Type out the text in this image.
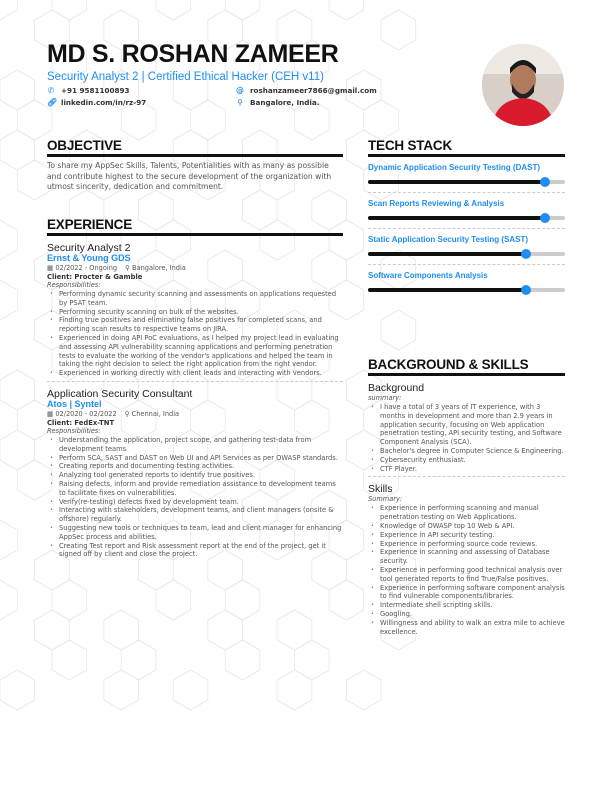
MD S. ROSHAN ZAMEER
Security Analyst 2 | Certified Ethical Hacker (CEH v11)
✆ +91 9581100893
🔗︎ linkedin.com/in/rz-97
@ roshanzameer7866@gmail.com
⚲ Bangalore, India.
OBJECTIVE
To share my AppSec Skills, Talents, Potentialities with as many as possible and contribute highest to the secure development of the organization with utmost sincerity, dedication and commitment.
EXPERIENCE
Security Analyst 2
Ernst & Young GDS
▦ 02/2022 - Ongoing ⚲ Bangalore, India
Client: Procter & Gamble
Responsibilities:
• Performing dynamic security scanning and assessments on applications requested by PSAT team.
• Performing security scanning on bulk of the websites.
• Finding true positives and eliminating false positives for completed scans, and reporting scan results to respective teams on JIRA.
• Experienced in doing API PoC evaluations, as I helped my project lead in evaluating and assessing API vulnerability scanning applications and performing penetration tests to evaluate the working of the vendor's applications and helped the team in taking the right decision to select the right application from the right vendor.
• Experienced in working directly with client leads and interacting with vendors.
Application Security Consultant
Atos | Syntel
▦ 02/2020 - 02/2022 ⚲ Chennai, India
Client: FedEx-TNT
Responsibilities:
• Understanding the application, project scope, and gathering test-data from development teams
• Perform SCA, SAST and DAST on Web UI and API Services as per OWASP standards.
• Creating reports and documenting testing activities.
• Analyzing tool generated reports to identify true positives.
• Raising defects, inform and provide remediation assistance to development teams to facilitate fixes on vulnerabilities.
• Verify(re-testing) defects fixed by development team.
• Interacting with stakeholders, development teams, and client managers (onsite & offshore) regularly.
• Suggesting new tools or techniques to team, lead and client manager for enhancing AppSec process and abilities.
• Creating Test report and Risk assessment report at the end of the project, get it signed off by client and close the project.
TECH STACK
Dynamic Application Security Testing (DAST)
Scan Reports Reviewing & Analysis
Static Application Security Testing (SAST)
Software Components Analysis
BACKGROUND & SKILLS
Background
summary:
• I have a total of 3 years of IT experience, with 3 months in development and more than 2.9 years in application security, focusing on Web application penetration testing, API security testing, and Software Component Analysis (SCA).
• Bachelor's degree in Computer Science & Engineering.
• Cybersecurity enthusiast.
• CTF Player.
Skills
Summary:
• Experience in performing scanning and manual penetration testing on Web Applications.
• Knowledge of OWASP top 10 Web & API.
• Experience in API security testing.
• Experience in performing source code reviews.
• Experience in scanning and assessing of Database security.
• Experience in performing good technical analysis over tool generated reports to find True/False positives.
• Experience in performing software component analysis to find vulnerable components/libraries.
• Intermediate shell scripting skills.
• Googling.
• Willingness and ability to walk an extra mile to achieve excellence.
